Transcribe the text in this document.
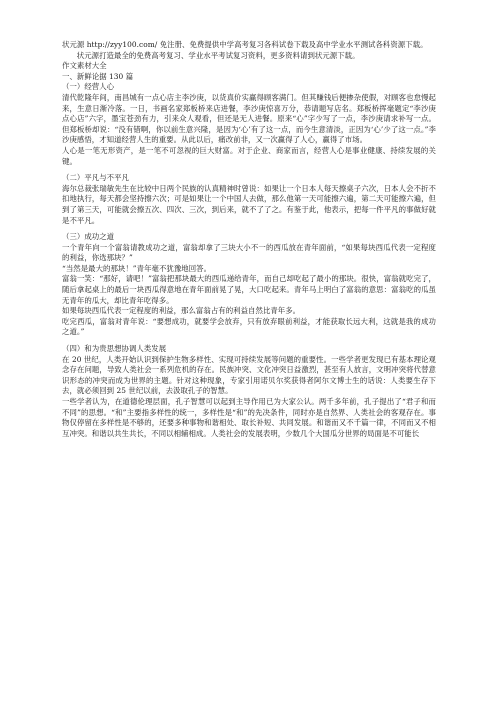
状元源 http://zyy100.com/ 免注册、免费提供中学高考复习各科试卷下载及高中学业水平测试各科资源下载。

状元源打造最全的免费高考复习、学业水平考试复习资料，更多资料请到状元源下载。

作文素材大全

一、新鲜论据 130 篇

（一）经营人心

清代乾隆年间，南昌城有一点心店主李沙庚，以货真价实赢得顾客满门。但其赚钱后便掺杂使假，对顾客也怠慢起来，生意日渐冷落。一日，书画名家郑板桥来店进餐，李沙庚惊喜万分，恭请题写店名。郑板桥挥毫题定“李沙庚点心店”六字，墨宝苍劲有力，引来众人观看，但还是无人进餐。原来“心”字少写了一点，李沙庚请求补写一点。但郑板桥却说：“没有错啊，你以前生意兴隆，是因为‘心’有了这一点，而今生意清淡，正因为‘心’少了这一点。”李沙庚感悟，才知道经营人生的重要。从此以后，痛改前非，又一次赢得了人心，赢得了市场。

人心是一笔无形资产，是一笔不可忽视的巨大财富。对于企业、商家而言，经营人心是事业健康、持续发展的关键。

（二）平凡与不平凡

海尔总裁张瑞敏先生在比较中日两个民族的认真精神时曾说：如果让一个日本人每天擦桌子六次，日本人会不折不扣地执行，每天都会坚持擦六次；可是如果让一个中国人去做，那么他第一天可能擦六遍，第二天可能擦六遍，但到了第三天，可能就会擦五次、四次、三次，到后来，就不了了之。有鉴于此，他表示，把每一件平凡的事做好就是不平凡。

（三）成功之道

一个青年向一个富翁请教成功之道，富翁却拿了三块大小不一的西瓜放在青年面前，“如果每块西瓜代表一定程度的利益，你选那块？”

“当然是最大的那块！”青年毫不犹豫地回答。

富翁一笑：“那好，请吧！”富翁把那块最大的西瓜递给青年，而自己却吃起了最小的那块。很快，富翁就吃完了，随后拿起桌上的最后一块西瓜得意地在青年面前晃了晃，大口吃起来。青年马上明白了富翁的意思：富翁吃的瓜虽无青年的瓜大，却比青年吃得多。

如果每块西瓜代表一定程度的利益，那么富翁占有的利益自然比青年多。

吃完西瓜，富翁对青年说：“要想成功，就要学会放弃，只有放弃眼前利益，才能获取长远大利，这就是我的成功之道。”

（四）和为贵思想协调人类发展

在 20 世纪，人类开始认识到保护生物多样性、实现可持续发展等问题的重要性。一些学者更发现已有基本理论观念存在问题，导致人类社会一系列危机的存在。民族冲突、文化冲突日益激烈，甚至有人放言，文明冲突将代替意识形态的冲突而成为世界的主题。针对这种现象，专家引用诺贝尔奖获得者阿尔文博士生的话说：人类要生存下去，就必须回到 25 世纪以前，去汲取孔子的智慧。

一些学者认为，在道德伦理层面，孔子智慧可以起到主导作用已为大家公认。两千多年前，孔子提出了“君子和而不同”的思想。“和”主要指多样性的统一，多样性是“和”的先决条件，同时亦是自然界、人类社会的客观存在。事物仅停留在多样性是不够的，还要多种事物和谐相处、取长补短、共同发展。和谐而又不千篇一律，不同而又不相互冲突。和谐以共生共长，不同以相辅相成。人类社会的发展表明，少数几个大国瓜分世界的局面是不可能长
